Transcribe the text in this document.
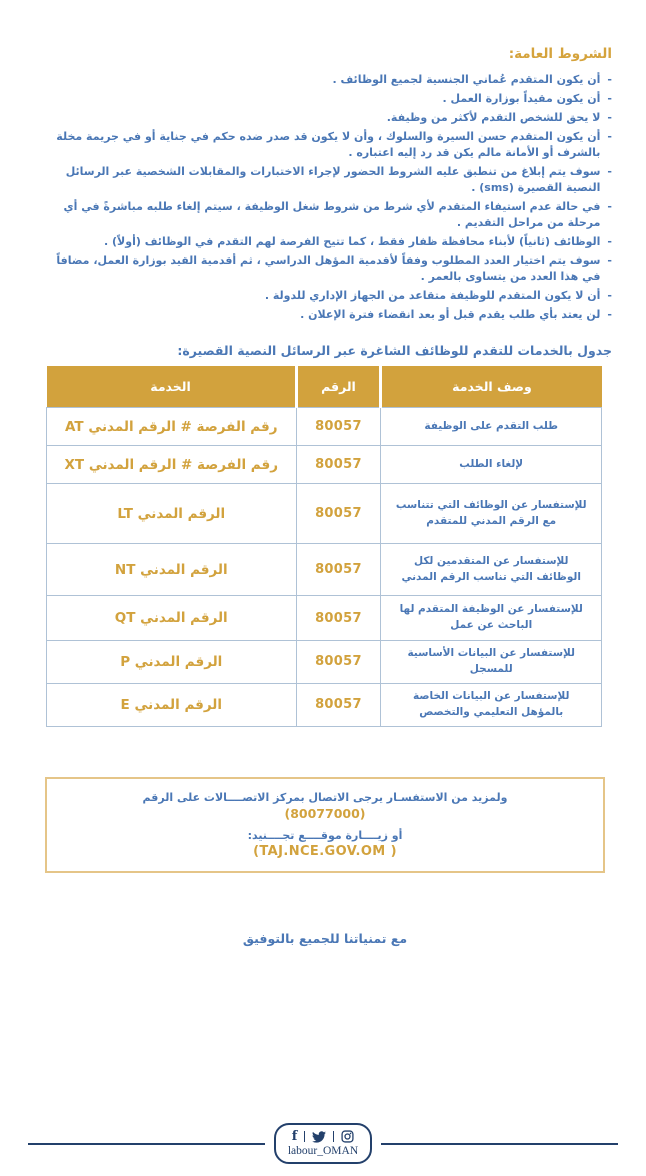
الشروط العامة:
-
أن يكون المتقدم عُماني الجنسية لجميع الوظائف .
-
أن يكون مقيداً بوزارة العمل .
-
لا يحق للشخص التقدم لأكثر من وظيفة.
-
أن يكون المتقدم حسن السيرة والسلوك ، وأن لا يكون قد صدر ضده حكم في جناية أو في جريمة مخلة بالشرف أو الأمانة مالم يكن قد رد إليه اعتباره .
-
سوف يتم إبلاغ من تنطبق عليه الشروط الحضور لإجراء الاختبارات والمقابلات الشخصية عبر الرسائل النصية القصيرة (sms) .
-
في حالة عدم استيفاء المتقدم لأي شرط من شروط شغل الوظيفة ، سيتم إلغاء طلبه مباشرةً في أي مرحلة من مراحل التقديم .
-
الوظائف (ثانياً) لأبناء محافظة ظفار فقط ، كما تتيح الفرصة لهم التقدم في الوظائف (أولاً) .
-
سوف يتم اختيار العدد المطلوب وفقاً لأقدمية المؤهل الدراسي ، ثم أقدمية القيد بوزارة العمل، مضافاً في هذا العدد من يتساوى بالعمر .
-
أن لا يكون المتقدم للوظيفة متقاعد من الجهاز الإداري للدولة .
-
لن يعتد بأي طلب يقدم قبل أو بعد انقضاء فترة الإعلان .
جدول بالخدمات للتقدم للوظائف الشاغرة عبر الرسائل النصية القصيرة:
وصف الخدمة	الرقم	الخدمة
طلب التقدم على الوظيفة	80057	رقم الفرصة # الرقم المدني AT
لإلغاء الطلب	80057	رقم الفرصة # الرقم المدني XT
للإستفسار عن الوظائف التي تتناسب مع الرقم المدني للمتقدم	80057	الرقم المدني LT
للإستفسار عن المتقدمين لكل الوظائف التي تناسب الرقم المدني	80057	الرقم المدني NT
للإستفسار عن الوظيفة المتقدم لها الباحث عن عمل	80057	الرقم المدني QT
للإستفسار عن البيانات الأساسية للمسجل	80057	الرقم المدني P
للإستفسار عن البيانات الخاصة بالمؤهل التعليمي والتخصص	80057	الرقم المدني E
ولمزيد من الاستفسـار يرجى الاتصال بمركز الاتصــــالات على الرقم
(80077000)
أو زيــــارة موقــــع تجــــنيد:
(TAJ.NCE.GOV.OM )
مع تمنياتنا للجميع بالتوفيق
f
labour_OMAN
